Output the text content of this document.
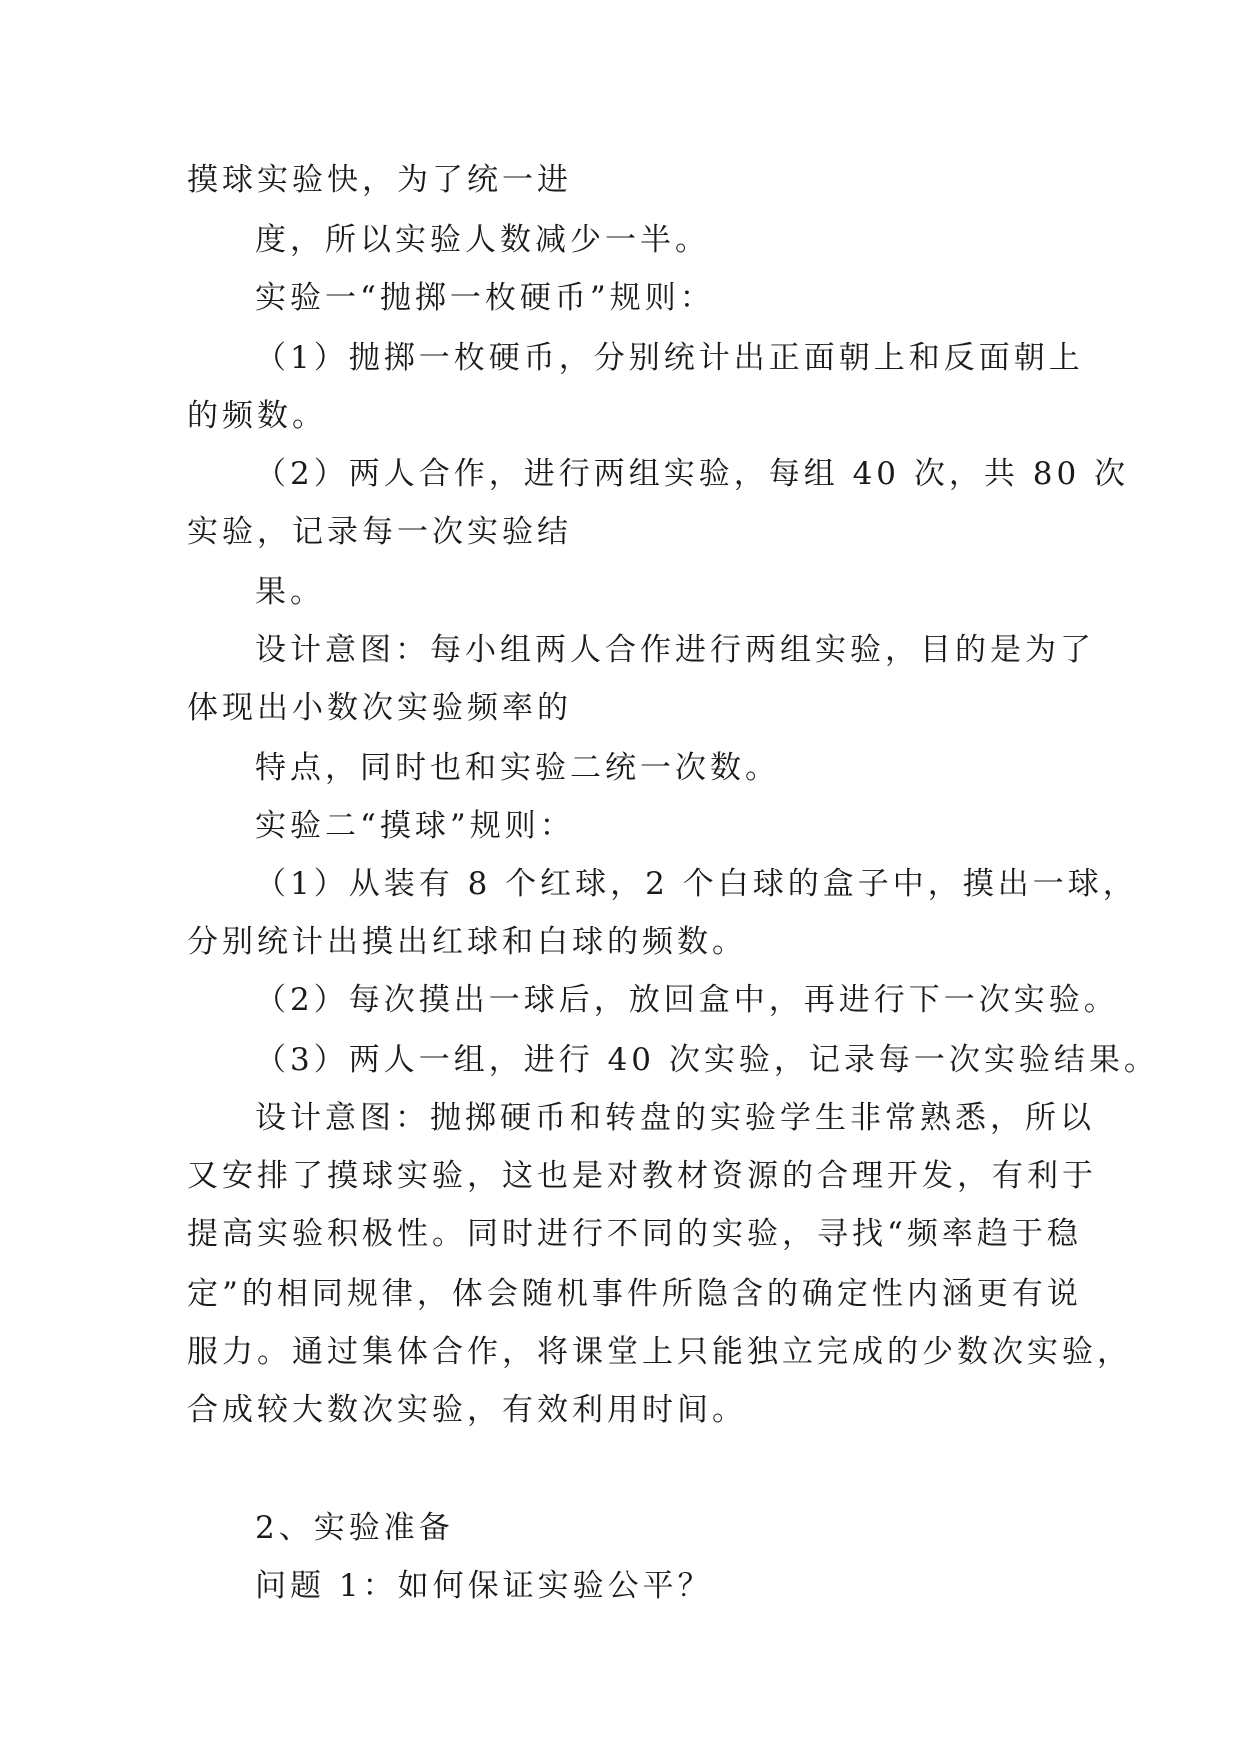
摸球实验快，为了统一进
度，所以实验人数减少一半。
实验一“抛掷一枚硬币”规则：
（1）抛掷一枚硬币，分别统计出正面朝上和反面朝上
的频数。
（2）两人合作，进行两组实验，每组 40 次，共 80 次
实验，记录每一次实验结
果。
设计意图：每小组两人合作进行两组实验，目的是为了
体现出小数次实验频率的
特点，同时也和实验二统一次数。
实验二“摸球”规则：
（1）从装有 8 个红球，2 个白球的盒子中，摸出一球，
分别统计出摸出红球和白球的频数。
（2）每次摸出一球后，放回盒中，再进行下一次实验。
（3）两人一组，进行 40 次实验，记录每一次实验结果。
设计意图：抛掷硬币和转盘的实验学生非常熟悉，所以
又安排了摸球实验，这也是对教材资源的合理开发，有利于
提高实验积极性。同时进行不同的实验，寻找“频率趋于稳
定”的相同规律，体会随机事件所隐含的确定性内涵更有说
服力。通过集体合作，将课堂上只能独立完成的少数次实验，
合成较大数次实验，有效利用时间。
2、实验准备
问题 1：如何保证实验公平？
